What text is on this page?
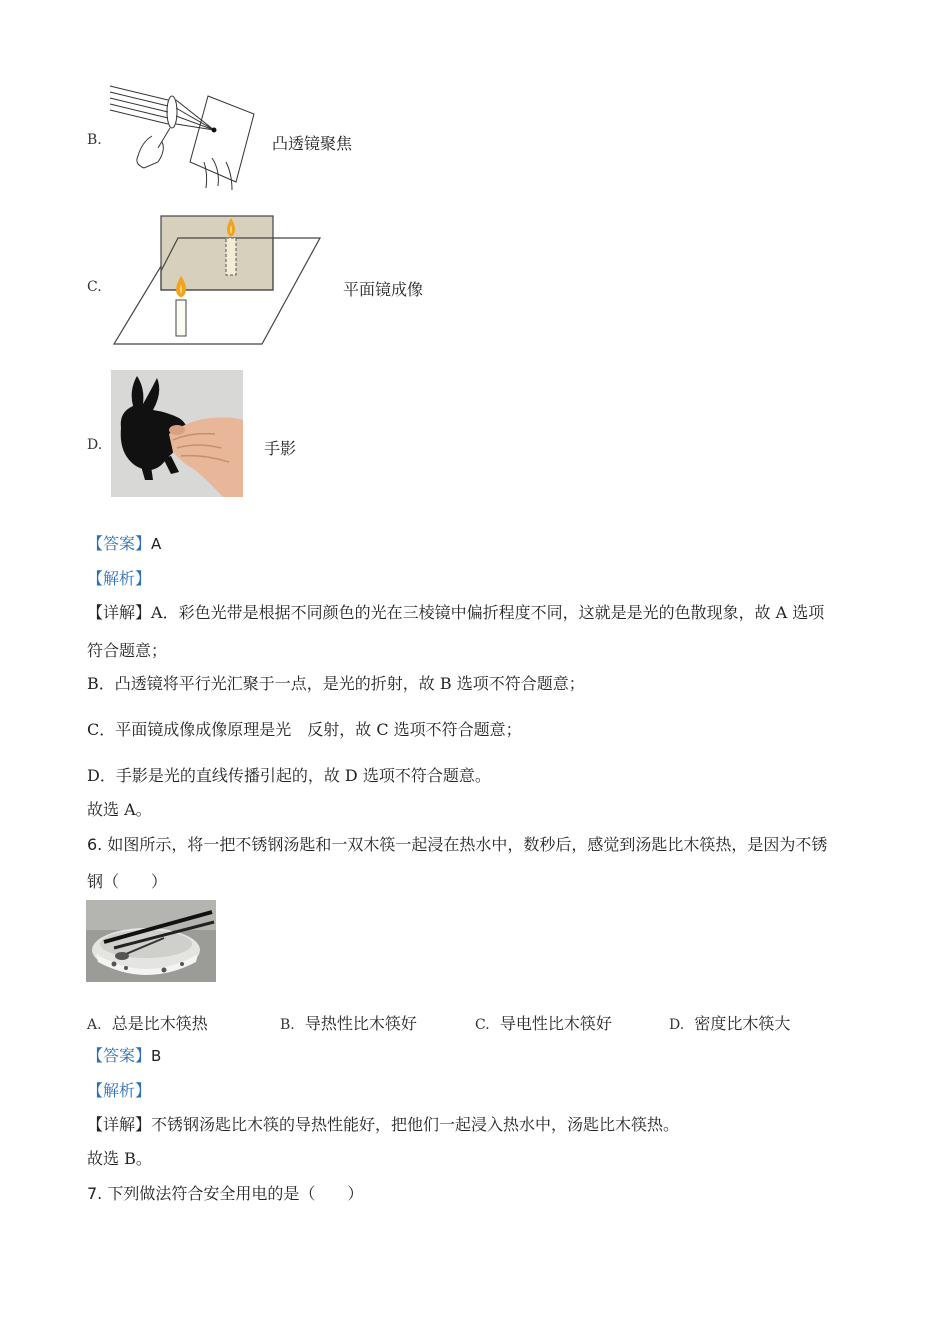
B.	凸透镜聚焦
C.	平面镜成像
D.	手影
【答案】A
【解析】
【详解】A．彩色光带是根据不同颜色的光在三棱镜中偏折程度不同，这就是是光的色散现象，故 A 选项
符合题意；
B．凸透镜将平行光汇聚于一点，是光的折射，故 B 选项不符合题意；
C．平面镜成像成像原理是光　反射，故 C 选项不符合题意；
D．手影是光的直线传播引起的，故 D 选项不符合题意。
故选 A。
6. 如图所示，将一把不锈钢汤匙和一双木筷一起浸在热水中，数秒后，感觉到汤匙比木筷热，是因为不锈
钢（　　）
A. 总是比木筷热	B. 导热性比木筷好	C. 导电性比木筷好	D. 密度比木筷大
【答案】B
【解析】
【详解】不锈钢汤匙比木筷的导热性能好，把他们一起浸入热水中，汤匙比木筷热。
故选 B。
7. 下列做法符合安全用电的是（　　）
